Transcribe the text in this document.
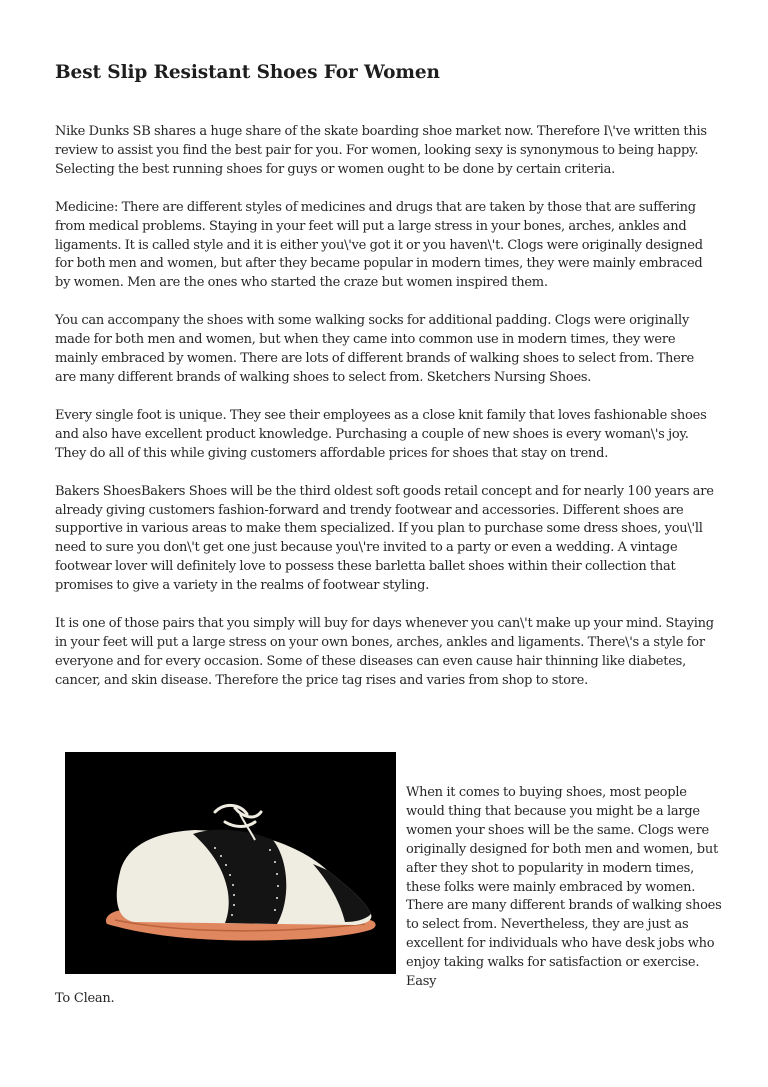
Best Slip Resistant Shoes For Women

Nike Dunks SB shares a huge share of the skate boarding shoe market now. Therefore I\'ve written this review to assist you find the best pair for you. For women, looking sexy is synonymous to being happy. Selecting the best running shoes for guys or women ought to be done by certain criteria.

Medicine: There are different styles of medicines and drugs that are taken by those that are suffering from medical problems. Staying in your feet will put a large stress in your bones, arches, ankles and ligaments. It is called style and it is either you\'ve got it or you haven\'t. Clogs were originally designed for both men and women, but after they became popular in modern times, they were mainly embraced by women. Men are the ones who started the craze but women inspired them.

You can accompany the shoes with some walking socks for additional padding. Clogs were originally made for both men and women, but when they came into common use in modern times, they were mainly embraced by women. There are lots of different brands of walking shoes to select from. There are many different brands of walking shoes to select from. Sketchers Nursing Shoes.

Every single foot is unique. They see their employees as a close knit family that loves fashionable shoes and also have excellent product knowledge. Purchasing a couple of new shoes is every woman\'s joy. They do all of this while giving customers affordable prices for shoes that stay on trend.

Bakers ShoesBakers Shoes will be the third oldest soft goods retail concept and for nearly 100 years are already giving customers fashion-forward and trendy footwear and accessories. Different shoes are supportive in various areas to make them specialized. If you plan to purchase some dress shoes, you\'ll need to sure you don\'t get one just because you\'re invited to a party or even a wedding. A vintage footwear lover will definitely love to possess these barletta ballet shoes within their collection that promises to give a variety in the realms of footwear styling.

It is one of those pairs that you simply will buy for days whenever you can\'t make up your mind. Staying in your feet will put a large stress on your own bones, arches, ankles and ligaments. There\'s a style for everyone and for every occasion. Some of these diseases can even cause hair thinning like diabetes, cancer, and skin disease. Therefore the price tag rises and varies from shop to store.

When it comes to buying shoes, most people would thing that because you might be a large women your shoes will be the same. Clogs were originally designed for both men and women, but after they shot to popularity in modern times, these folks were mainly embraced by women. There are many different brands of walking shoes to select from. Nevertheless, they are just as excellent for individuals who have desk jobs who enjoy taking walks for satisfaction or exercise. Easy

To Clean.
